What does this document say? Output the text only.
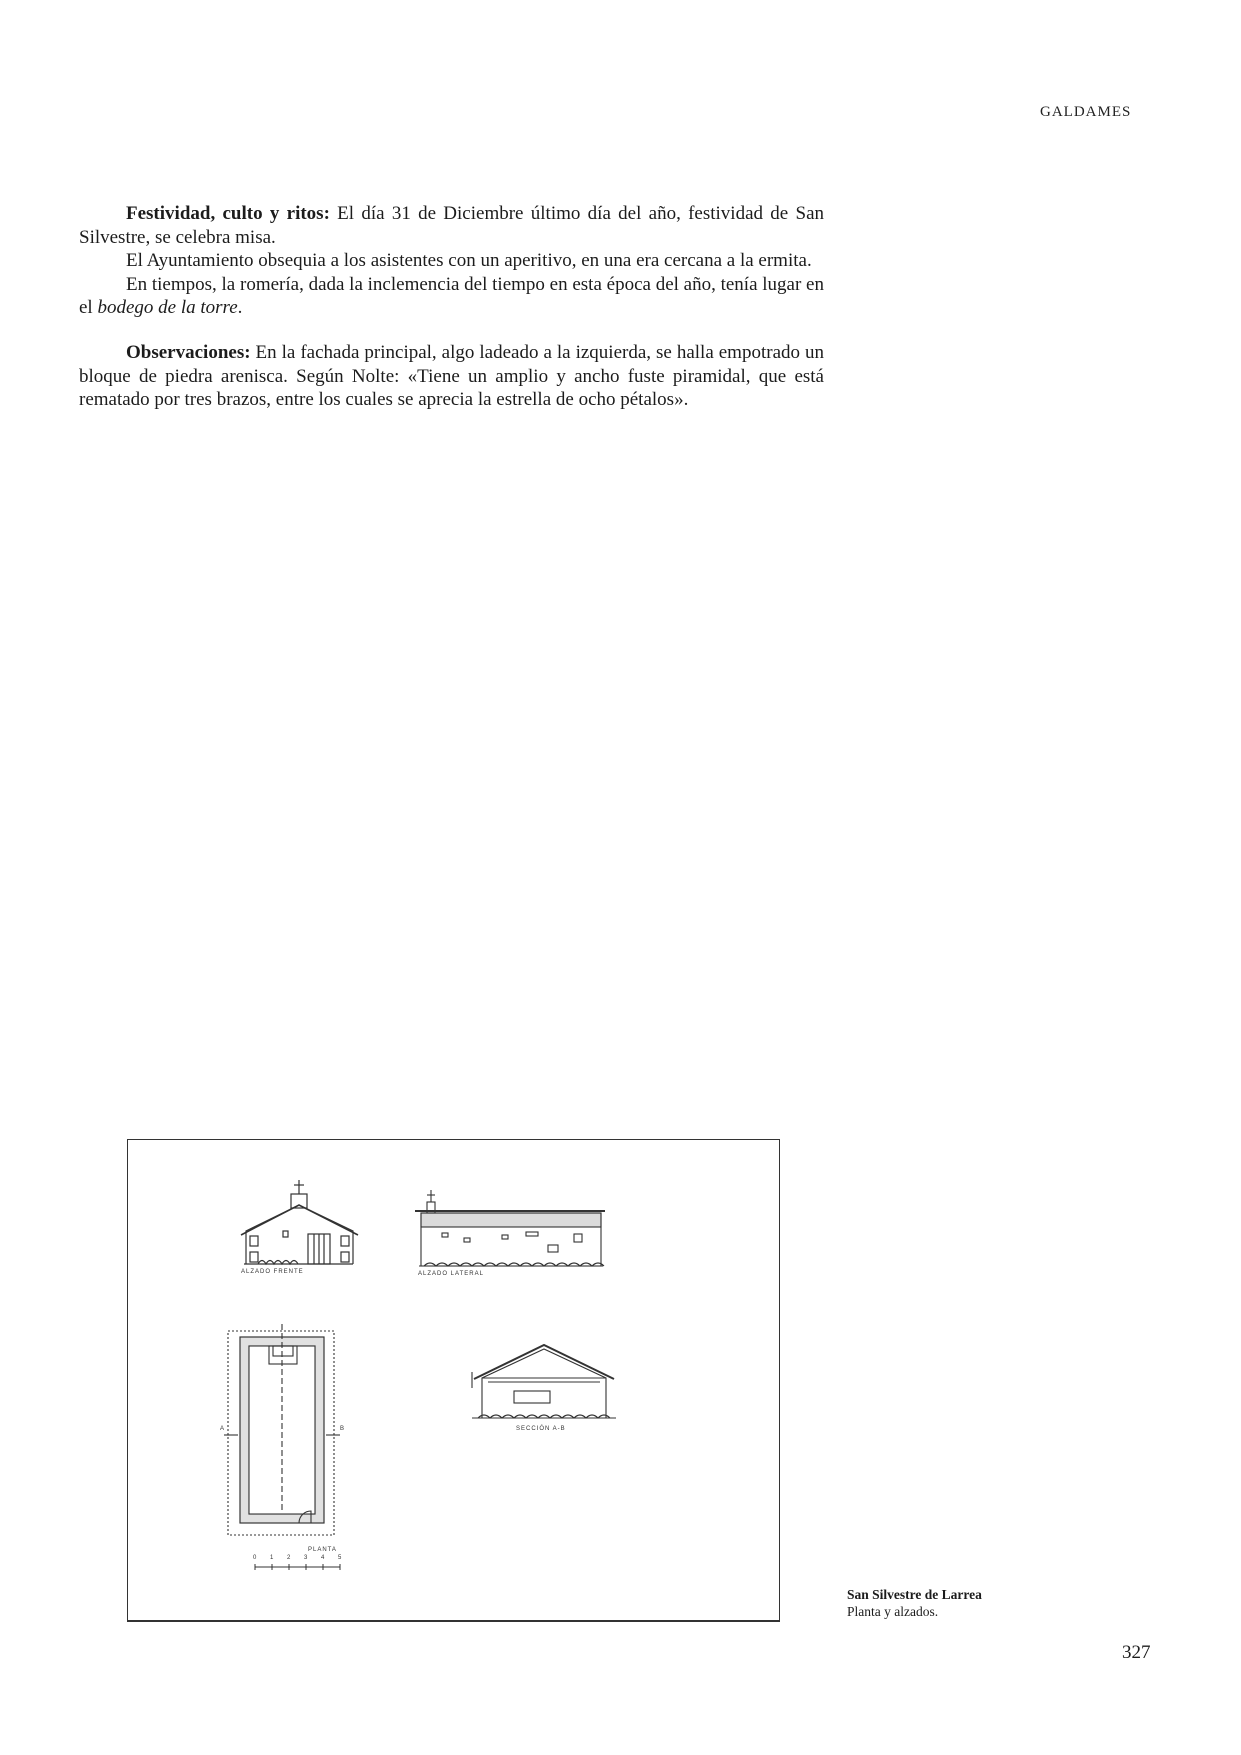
GALDAMES

Festividad, culto y ritos: El día 31 de Diciembre último día del año, festividad de San Silvestre, se celebra misa.

El Ayuntamiento obsequia a los asistentes con un aperitivo, en una era cercana a la ermita.

En tiempos, la romería, dada la inclemencia del tiempo en esta época del año, tenía lugar en el bodego de la torre.

Observaciones: En la fachada principal, algo ladeado a la izquierda, se halla empotrado un bloque de piedra arenisca. Según Nolte: «Tiene un amplio y ancho fuste piramidal, que está rematado por tres brazos, entre los cuales se aprecia la estrella de ocho pétalos».

ALZADO FRENTE	ALZADO LATERAL
PLANTA
SECCIÓN A-B
A	B
0 1 2 3 4 5
San Silvestre de Larrea
Planta y alzados.
327
